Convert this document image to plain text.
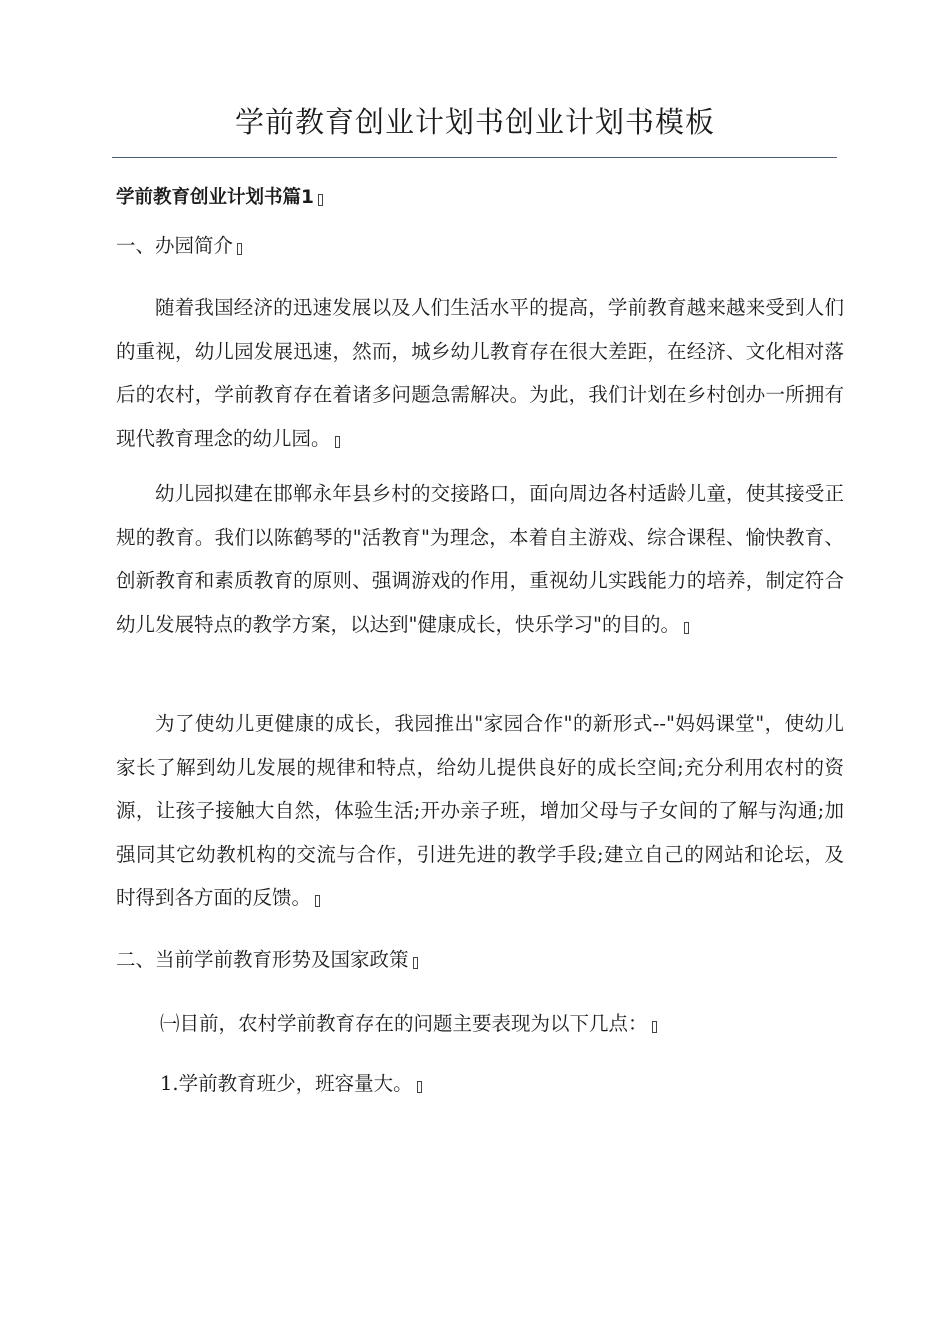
学前教育创业计划书创业计划书模板
学前教育创业计划书篇1
一、办园简介

随着我国经济的迅速发展以及人们生活水平的提高，学前教育越来越来受到人们的重视，幼儿园发展迅速，然而，城乡幼儿教育存在很大差距，在经济、文化相对落后的农村，学前教育存在着诸多问题急需解决。为此，我们计划在乡村创办一所拥有现代教育理念的幼儿园。

幼儿园拟建在邯郸永年县乡村的交接路口，面向周边各村适龄儿童，使其接受正规的教育。我们以陈鹤琴的"活教育"为理念，本着自主游戏、综合课程、愉快教育、创新教育和素质教育的原则、强调游戏的作用，重视幼儿实践能力的培养，制定符合幼儿发展特点的教学方案，以达到"健康成长，快乐学习"的目的。

为了使幼儿更健康的成长，我园推出"家园合作"的新形式--"妈妈课堂"，使幼儿家长了解到幼儿发展的规律和特点，给幼儿提供良好的成长空间;充分利用农村的资源，让孩子接触大自然，体验生活;开办亲子班，增加父母与子女间的了解与沟通;加强同其它幼教机构的交流与合作，引进先进的教学手段;建立自己的网站和论坛，及时得到各方面的反馈。

二、当前学前教育形势及国家政策
㈠目前，农村学前教育存在的问题主要表现为以下几点：
1.学前教育班少，班容量大。
